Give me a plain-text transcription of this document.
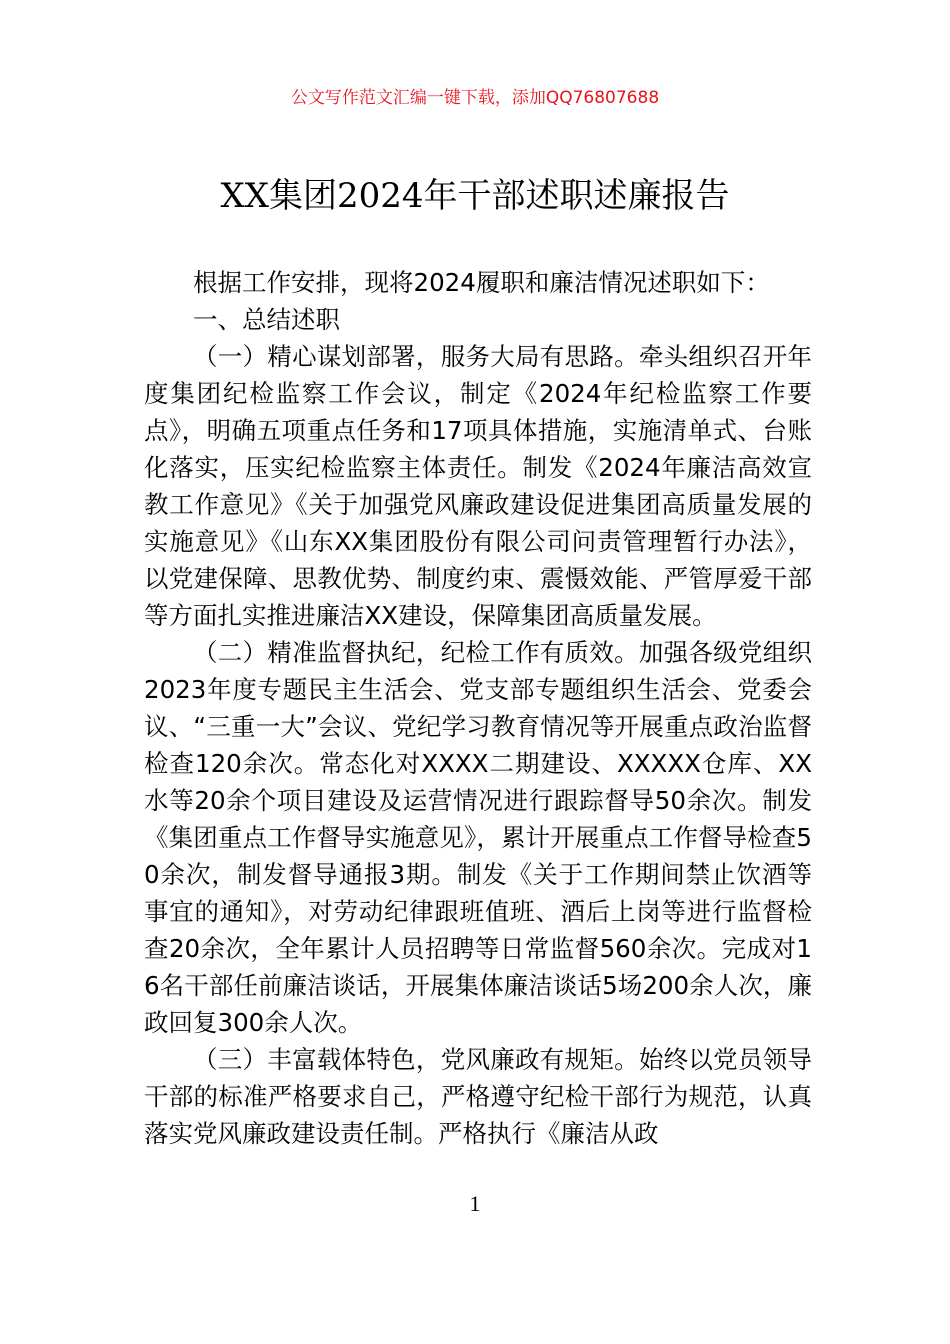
公文写作范文汇编一键下载，添加QQ76807688
XX集团2024年干部述职述廉报告

根据工作安排，现将2024履职和廉洁情况述职如下：

一、总结述职

（一）精心谋划部署，服务大局有思路。牵头组织召开年度集团纪检监察工作会议，制定《2024年纪检监察工作要点》，明确五项重点任务和17项具体措施，实施清单式、台账化落实，压实纪检监察主体责任。制发《2024年廉洁高效宣教工作意见》《关于加强党风廉政建设促进集团高质量发展的实施意见》《山东XX集团股份有限公司问责管理暂行办法》，以党建保障、思教优势、制度约束、震慑效能、严管厚爱干部等方面扎实推进廉洁XX建设，保障集团高质量发展。

（二）精准监督执纪，纪检工作有质效。加强各级党组织2023年度专题民主生活会、党支部专题组织生活会、党委会议、“三重一大”会议、党纪学习教育情况等开展重点政治监督检查120余次。常态化对XXXX二期建设、XXXXX仓库、XX水等20余个项目建设及运营情况进行跟踪督导50余次。制发《集团重点工作督导实施意见》，累计开展重点工作督导检查50余次，制发督导通报3期。制发《关于工作期间禁止饮酒等事宜的通知》，对劳动纪律跟班值班、酒后上岗等进行监督检查20余次，全年累计人员招聘等日常监督560余次。完成对16名干部任前廉洁谈话，开展集体廉洁谈话5场200余人次，廉政回复300余人次。

（三）丰富载体特色，党风廉政有规矩。始终以党员领导干部的标准严格要求自己，严格遵守纪检干部行为规范，认真落实党风廉政建设责任制。严格执行《廉洁从政

1
